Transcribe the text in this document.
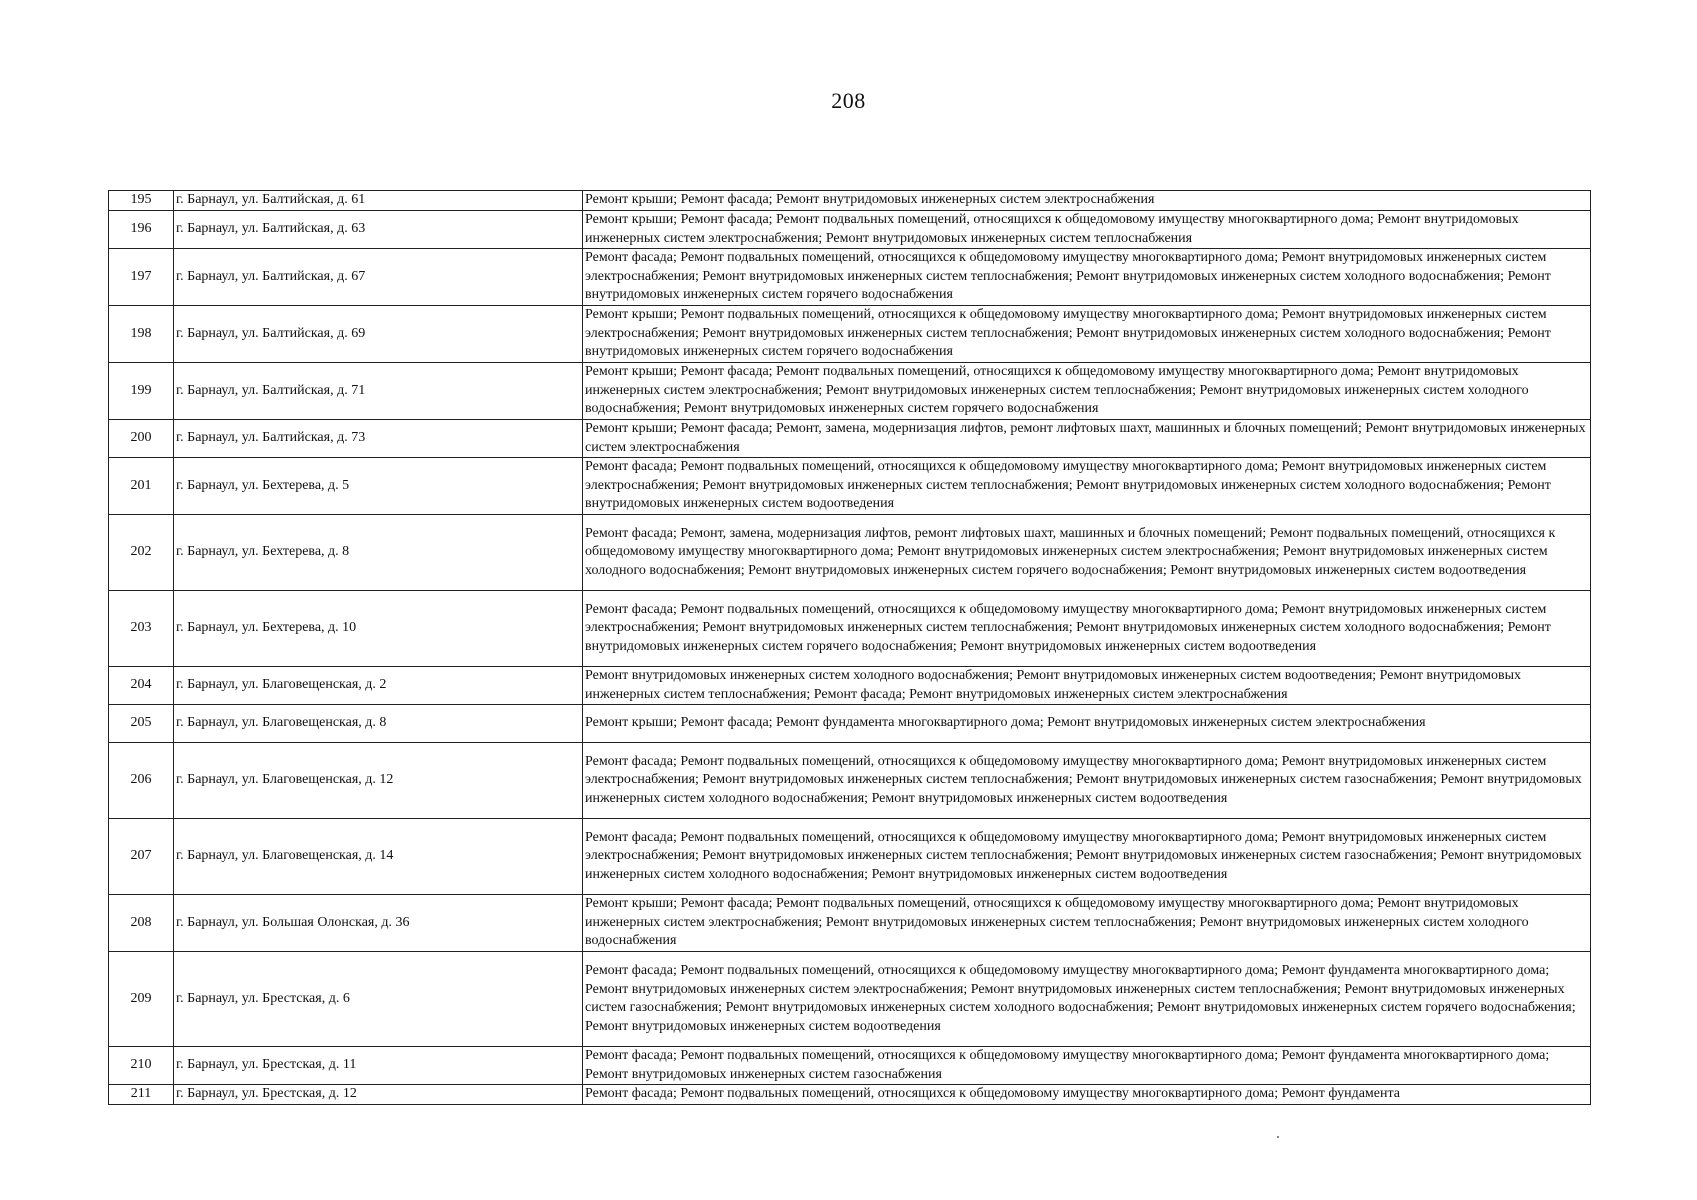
208
195	г. Барнаул, ул. Балтийская, д. 61	Ремонт крыши; Ремонт фасада; Ремонт внутридомовых инженерных систем электроснабжения
196	г. Барнаул, ул. Балтийская, д. 63	Ремонт крыши; Ремонт фасада; Ремонт подвальных помещений, относящихся к общедомовому имуществу многоквартирного дома; Ремонт внутридомовых инженерных систем электроснабжения; Ремонт внутридомовых инженерных систем теплоснабжения
197	г. Барнаул, ул. Балтийская, д. 67	Ремонт фасада; Ремонт подвальных помещений, относящихся к общедомовому имуществу многоквартирного дома; Ремонт внутридомовых инженерных систем электроснабжения; Ремонт внутридомовых инженерных систем теплоснабжения; Ремонт внутридомовых инженерных систем холодного водоснабжения; Ремонт внутридомовых инженерных систем горячего водоснабжения
198	г. Барнаул, ул. Балтийская, д. 69	Ремонт крыши; Ремонт подвальных помещений, относящихся к общедомовому имуществу многоквартирного дома; Ремонт внутридомовых инженерных систем электроснабжения; Ремонт внутридомовых инженерных систем теплоснабжения; Ремонт внутридомовых инженерных систем холодного водоснабжения; Ремонт внутридомовых инженерных систем горячего водоснабжения
199	г. Барнаул, ул. Балтийская, д. 71	Ремонт крыши; Ремонт фасада; Ремонт подвальных помещений, относящихся к общедомовому имуществу многоквартирного дома; Ремонт внутридомовых инженерных систем электроснабжения; Ремонт внутридомовых инженерных систем теплоснабжения; Ремонт внутридомовых инженерных систем холодного водоснабжения; Ремонт внутридомовых инженерных систем горячего водоснабжения
200	г. Барнаул, ул. Балтийская, д. 73	Ремонт крыши; Ремонт фасада; Ремонт, замена, модернизация лифтов, ремонт лифтовых шахт, машинных и блочных помещений; Ремонт внутридомовых инженерных систем электроснабжения
201	г. Барнаул, ул. Бехтерева, д. 5	Ремонт фасада; Ремонт подвальных помещений, относящихся к общедомовому имуществу многоквартирного дома; Ремонт внутридомовых инженерных систем электроснабжения; Ремонт внутридомовых инженерных систем теплоснабжения; Ремонт внутридомовых инженерных систем холодного водоснабжения; Ремонт внутридомовых инженерных систем водоотведения
202	г. Барнаул, ул. Бехтерева, д. 8	Ремонт фасада; Ремонт, замена, модернизация лифтов, ремонт лифтовых шахт, машинных и блочных помещений; Ремонт подвальных помещений, относящихся к общедомовому имуществу многоквартирного дома; Ремонт внутридомовых инженерных систем электроснабжения; Ремонт внутридомовых инженерных систем холодного водоснабжения; Ремонт внутридомовых инженерных систем горячего водоснабжения; Ремонт внутридомовых инженерных систем водоотведения
203	г. Барнаул, ул. Бехтерева, д. 10	Ремонт фасада; Ремонт подвальных помещений, относящихся к общедомовому имуществу многоквартирного дома; Ремонт внутридомовых инженерных систем электроснабжения; Ремонт внутридомовых инженерных систем теплоснабжения; Ремонт внутридомовых инженерных систем холодного водоснабжения; Ремонт внутридомовых инженерных систем горячего водоснабжения; Ремонт внутридомовых инженерных систем водоотведения
204	г. Барнаул, ул. Благовещенская, д. 2	Ремонт внутридомовых инженерных систем холодного водоснабжения; Ремонт внутридомовых инженерных систем водоотведения; Ремонт внутридомовых инженерных систем теплоснабжения; Ремонт фасада; Ремонт внутридомовых инженерных систем электроснабжения
205	г. Барнаул, ул. Благовещенская, д. 8	Ремонт крыши; Ремонт фасада; Ремонт фундамента многоквартирного дома; Ремонт внутридомовых инженерных систем электроснабжения
206	г. Барнаул, ул. Благовещенская, д. 12	Ремонт фасада; Ремонт подвальных помещений, относящихся к общедомовому имуществу многоквартирного дома; Ремонт внутридомовых инженерных систем электроснабжения; Ремонт внутридомовых инженерных систем теплоснабжения; Ремонт внутридомовых инженерных систем газоснабжения; Ремонт внутридомовых инженерных систем холодного водоснабжения; Ремонт внутридомовых инженерных систем водоотведения
207	г. Барнаул, ул. Благовещенская, д. 14	Ремонт фасада; Ремонт подвальных помещений, относящихся к общедомовому имуществу многоквартирного дома; Ремонт внутридомовых инженерных систем электроснабжения; Ремонт внутридомовых инженерных систем теплоснабжения; Ремонт внутридомовых инженерных систем газоснабжения; Ремонт внутридомовых инженерных систем холодного водоснабжения; Ремонт внутридомовых инженерных систем водоотведения
208	г. Барнаул, ул. Большая Олонская, д. 36	Ремонт крыши; Ремонт фасада; Ремонт подвальных помещений, относящихся к общедомовому имуществу многоквартирного дома; Ремонт внутридомовых инженерных систем электроснабжения; Ремонт внутридомовых инженерных систем теплоснабжения; Ремонт внутридомовых инженерных систем холодного водоснабжения
209	г. Барнаул, ул. Брестская, д. 6	Ремонт фасада; Ремонт подвальных помещений, относящихся к общедомовому имуществу многоквартирного дома; Ремонт фундамента многоквартирного дома; Ремонт внутридомовых инженерных систем электроснабжения; Ремонт внутридомовых инженерных систем теплоснабжения; Ремонт внутридомовых инженерных систем газоснабжения; Ремонт внутридомовых инженерных систем холодного водоснабжения; Ремонт внутридомовых инженерных систем горячего водоснабжения; Ремонт внутридомовых инженерных систем водоотведения
210	г. Барнаул, ул. Брестская, д. 11	Ремонт фасада; Ремонт подвальных помещений, относящихся к общедомовому имуществу многоквартирного дома; Ремонт фундамента многоквартирного дома; Ремонт внутридомовых инженерных систем газоснабжения
211	г. Барнаул, ул. Брестская, д. 12	Ремонт фасада; Ремонт подвальных помещений, относящихся к общедомовому имуществу многоквартирного дома; Ремонт фундамента
